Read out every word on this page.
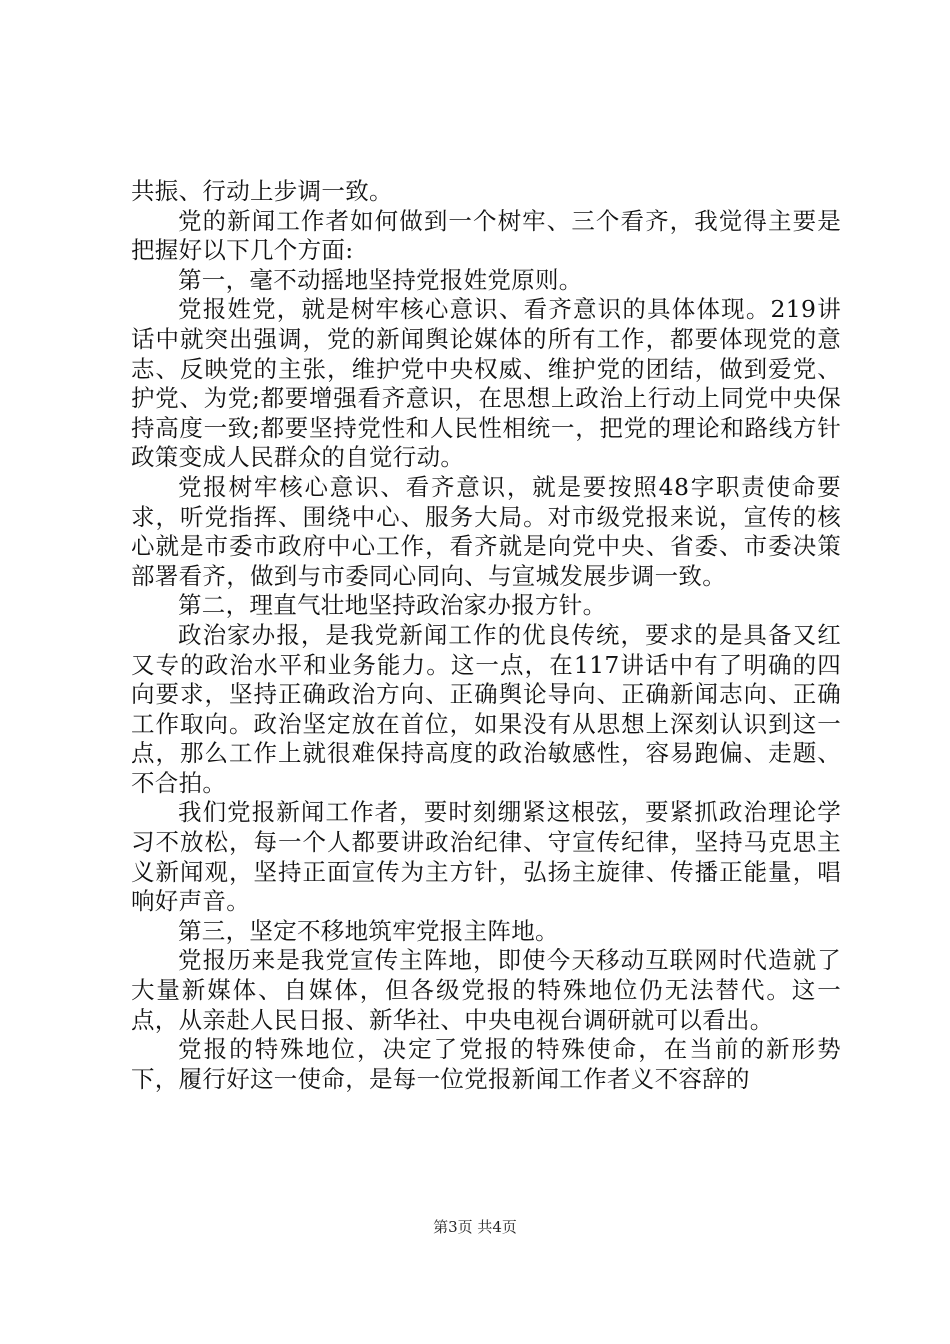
共振、行动上步调一致。

党的新闻工作者如何做到一个树牢、三个看齐，我觉得主要是把握好以下几个方面:

第一，毫不动摇地坚持党报姓党原则。

党报姓党，就是树牢核心意识、看齐意识的具体体现。219讲话中就突出强调，党的新闻舆论媒体的所有工作，都要体现党的意志、反映党的主张，维护党中央权威、维护党的团结，做到爱党、护党、为党;都要增强看齐意识，在思想上政治上行动上同党中央保持高度一致;都要坚持党性和人民性相统一，把党的理论和路线方针政策变成人民群众的自觉行动。

党报树牢核心意识、看齐意识，就是要按照48字职责使命要求，听党指挥、围绕中心、服务大局。对市级党报来说，宣传的核心就是市委市政府中心工作，看齐就是向党中央、省委、市委决策部署看齐，做到与市委同心同向、与宣城发展步调一致。

第二，理直气壮地坚持政治家办报方针。

政治家办报，是我党新闻工作的优良传统，要求的是具备又红又专的政治水平和业务能力。这一点，在117讲话中有了明确的四向要求，坚持正确政治方向、正确舆论导向、正确新闻志向、正确工作取向。政治坚定放在首位，如果没有从思想上深刻认识到这一点，那么工作上就很难保持高度的政治敏感性，容易跑偏、走题、不合拍。

我们党报新闻工作者，要时刻绷紧这根弦，要紧抓政治理论学习不放松，每一个人都要讲政治纪律、守宣传纪律，坚持马克思主义新闻观，坚持正面宣传为主方针，弘扬主旋律、传播正能量，唱响好声音。

第三，坚定不移地筑牢党报主阵地。

党报历来是我党宣传主阵地，即使今天移动互联网时代造就了大量新媒体、自媒体，但各级党报的特殊地位仍无法替代。这一点，从亲赴人民日报、新华社、中央电视台调研就可以看出。

党报的特殊地位，决定了党报的特殊使命，在当前的新形势下，履行好这一使命，是每一位党报新闻工作者义不容辞的

第3页 共4页
